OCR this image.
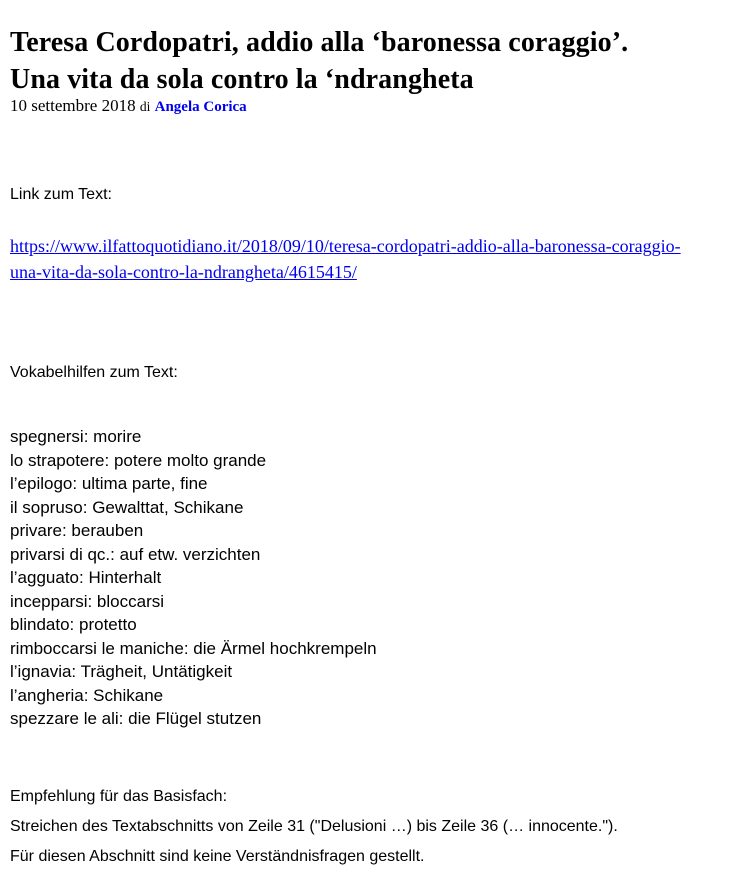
Teresa Cordopatri, addio alla ‘baronessa coraggio’.
Una vita da sola contro la ‘ndrangheta
10 settembre 2018 di Angela Corica
Link zum Text:
https://www.ilfattoquotidiano.it/2018/09/10/teresa-cordopatri-addio-alla-baronessa-coraggio-
una-vita-da-sola-contro-la-ndrangheta/4615415/
Vokabelhilfen zum Text:
spegnersi: morire
lo strapotere: potere molto grande
l’epilogo: ultima parte, fine
il sopruso: Gewalttat, Schikane
privare: berauben
privarsi di qc.: auf etw. verzichten
l’agguato: Hinterhalt
incepparsi: bloccarsi
blindato: protetto
rimboccarsi le maniche: die Ärmel hochkrempeln
l’ignavia: Trägheit, Untätigkeit
l’angheria: Schikane
spezzare le ali: die Flügel stutzen
Empfehlung für das Basisfach:
Streichen des Textabschnitts von Zeile 31 ("Delusioni …) bis Zeile 36 (… innocente.").
Für diesen Abschnitt sind keine Verständnisfragen gestellt.
